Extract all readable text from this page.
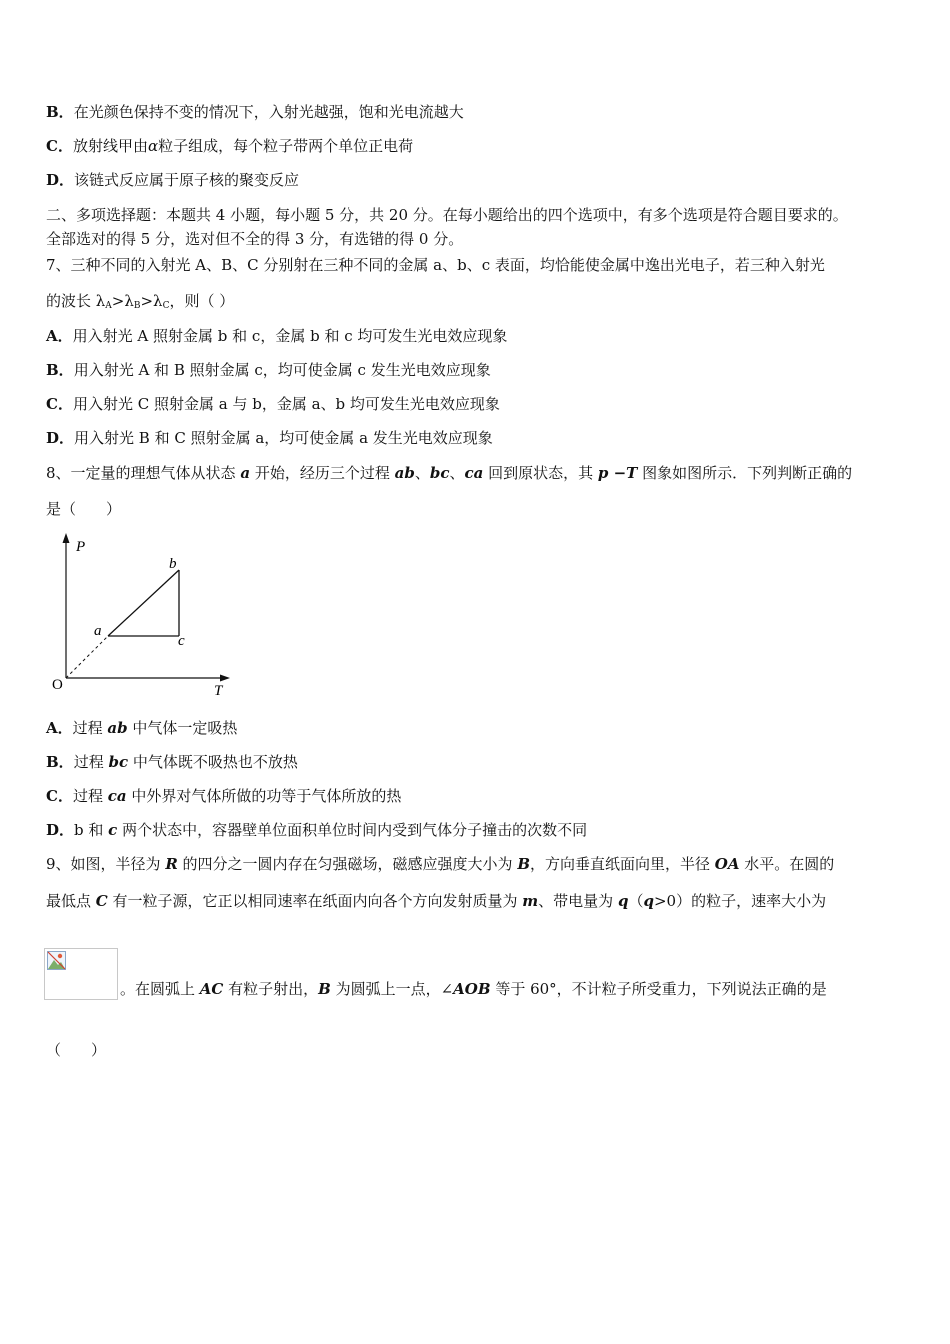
B．在光颜色保持不变的情况下，入射光越强，饱和光电流越大
C．放射线甲由α粒子组成，每个粒子带两个单位正电荷
D．该链式反应属于原子核的聚变反应
二、多项选择题：本题共 4 小题，每小题 5 分，共 20 分。在每小题给出的四个选项中，有多个选项是符合题目要求的。
全部选对的得 5 分，选对但不全的得 3 分，有选错的得 0 分。
7、三种不同的入射光 A、B、C 分别射在三种不同的金属 a、b、c 表面，均恰能使金属中逸出光电子，若三种入射光
的波长 $\lambda_A>\lambda_B>\lambda_C$，则（ ）
A．用入射光 A 照射金属 b 和 c，金属 b 和 c 均可发生光电效应现象
B．用入射光 A 和 B 照射金属 c，均可使金属 c 发生光电效应现象
C．用入射光 C 照射金属 a 与 b，金属 a、b 均可发生光电效应现象
D．用入射光 B 和 C 照射金属 a，均可使金属 a 发生光电效应现象
8、一定量的理想气体从状态 a 开始，经历三个过程 ab、bc、ca 回到原状态，其 p −T 图象如图所示．下列判断正确的
是（　　）
P
T
O
a
b
c
A．过程 ab 中气体一定吸热
B．过程 bc 中气体既不吸热也不放热
C．过程 ca 中外界对气体所做的功等于气体所放的热
D．b 和 c 两个状态中，容器壁单位面积单位时间内受到气体分子撞击的次数不同
9、如图，半径为 R 的四分之一圆内存在匀强磁场，磁感应强度大小为 B，方向垂直纸面向里，半径 OA 水平。在圆的
最低点 C 有一粒子源，它正以相同速率在纸面内向各个方向发射质量为 m、带电量为 q（q>0）的粒子，速率大小为
。在圆弧上 AC 有粒子射出，B 为圆弧上一点，∠AOB 等于 60°，不计粒子所受重力，下列说法正确的是
（　　）
